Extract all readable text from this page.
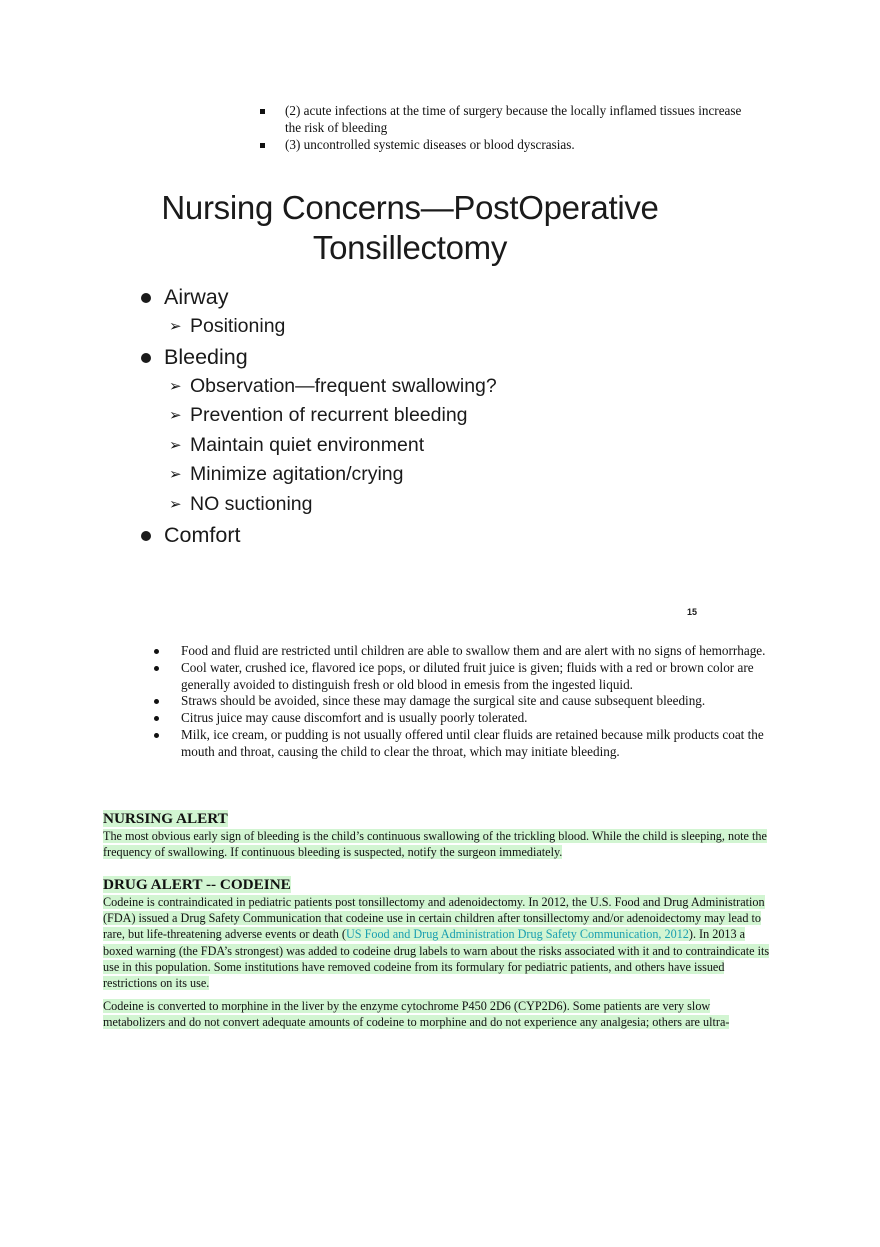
(2) acute infections at the time of surgery because the locally inflamed tissues increase the risk of bleeding
(3) uncontrolled systemic diseases or blood dyscrasias.
Nursing Concerns—PostOperative
Tonsillectomy
Airway
➢ Positioning
Bleeding
➢ Observation—frequent swallowing?
➢ Prevention of recurrent bleeding
➢ Maintain quiet environment
➢ Minimize agitation/crying
➢ NO suctioning
Comfort
15
Food and fluid are restricted until children are able to swallow them and are alert with no signs of hemorrhage.
Cool water, crushed ice, flavored ice pops, or diluted fruit juice is given; fluids with a red or brown color are generally avoided to distinguish fresh or old blood in emesis from the ingested liquid.
Straws should be avoided, since these may damage the surgical site and cause subsequent bleeding.
Citrus juice may cause discomfort and is usually poorly tolerated.
Milk, ice cream, or pudding is not usually offered until clear fluids are retained because milk products coat the mouth and throat, causing the child to clear the throat, which may initiate bleeding.
NURSING ALERT
The most obvious early sign of bleeding is the child’s continuous swallowing of the trickling blood. While the child is sleeping, note the frequency of swallowing. If continuous bleeding is suspected, notify the surgeon immediately.
DRUG ALERT -- CODEINE
Codeine is contraindicated in pediatric patients post tonsillectomy and adenoidectomy. In 2012, the U.S. Food and Drug Administration (FDA) issued a Drug Safety Communication that codeine use in certain children after tonsillectomy and/or adenoidectomy may lead to rare, but life-threatening adverse events or death (US Food and Drug Administration Drug Safety Communication, 2012). In 2013 a boxed warning (the FDA’s strongest) was added to codeine drug labels to warn about the risks associated with it and to contraindicate its use in this population. Some institutions have removed codeine from its formulary for pediatric patients, and others have issued restrictions on its use.
Codeine is converted to morphine in the liver by the enzyme cytochrome P450 2D6 (CYP2D6). Some patients are very slow metabolizers and do not convert adequate amounts of codeine to morphine and do not experience any analgesia; others are ultra-
